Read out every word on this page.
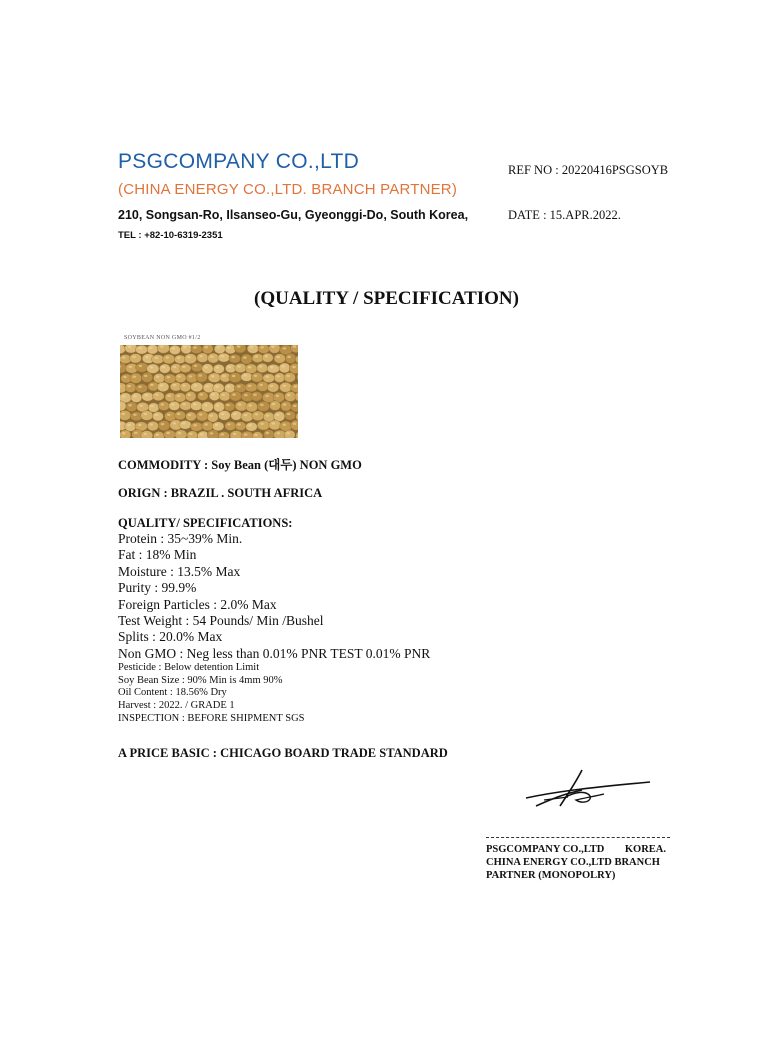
PSGCOMPANY CO.,LTD
(CHINA ENERGY CO.,LTD. BRANCH PARTNER)
210, Songsan-Ro, Ilsanseo-Gu, Gyeonggi-Do, South Korea,
TEL : +82-10-6319-2351
REF NO : 20220416PSGSOYB
DATE : 15.APR.2022.
(QUALITY / SPECIFICATION)
SOYBEAN NON GMO #1/2
COMMODITY : Soy Bean (대두) NON GMO
ORIGN : BRAZIL . SOUTH AFRICA
QUALITY/ SPECIFICATIONS:
Protein : 35~39% Min.
Fat : 18% Min
Moisture : 13.5% Max
Purity : 99.9%
Foreign Particles : 2.0% Max
Test Weight : 54 Pounds/ Min /Bushel
Splits : 20.0% Max
Non GMO : Neg less than 0.01% PNR TEST 0.01% PNR
Pesticide : Below detention Limit
Soy Bean Size : 90% Min is 4mm 90%
Oil Content : 18.56% Dry
Harvest : 2022. / GRADE 1
INSPECTION : BEFORE SHIPMENT SGS
A PRICE BASIC : CHICAGO BOARD TRADE STANDARD
PSGCOMPANY CO.,LTD KOREA.
CHINA ENERGY CO.,LTD BRANCH
PARTNER (MONOPOLRY)
